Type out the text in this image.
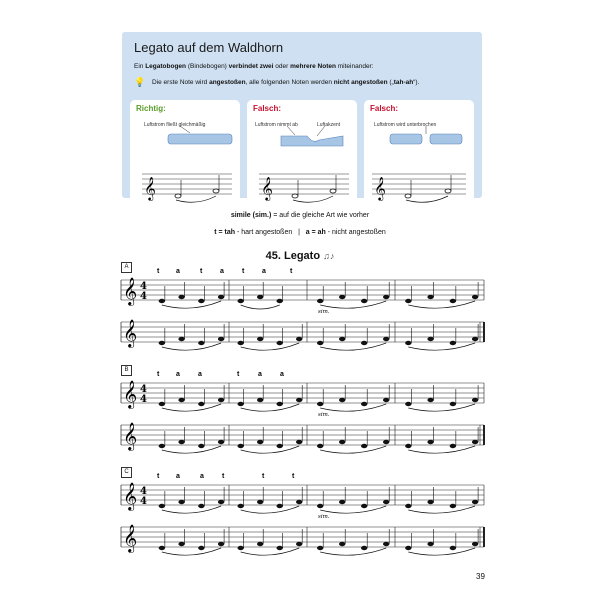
Legato auf dem Waldhorn
Ein Legatobogen (Bindebogen) verbindet zwei oder mehrere Noten miteinander:
💡 Die erste Note wird angestoßen, alle folgenden Noten werden nicht angestoßen („tah-ah“).
𝄞
Richtig:
Luftstrom fließt gleichmäßig
𝄞
Falsch:
Luftstrom nimmt ab	Luftakzent
𝄞
Falsch:
Luftstrom wird unterbrochen
simile (sim.) = auf die gleiche Art wie vorher
t = tah - hart angestoßen | a = ah - nicht angestoßen
45. Legato ♫♪
𝄞 4
4
t a	t	a	t	a	t
sim.
𝄞
𝄞 4
4
t a	a	t	a	a
sim.
𝄞
𝄞 4
4
t a	a	t	t	t
sim.
𝄞
A
B
C
39
